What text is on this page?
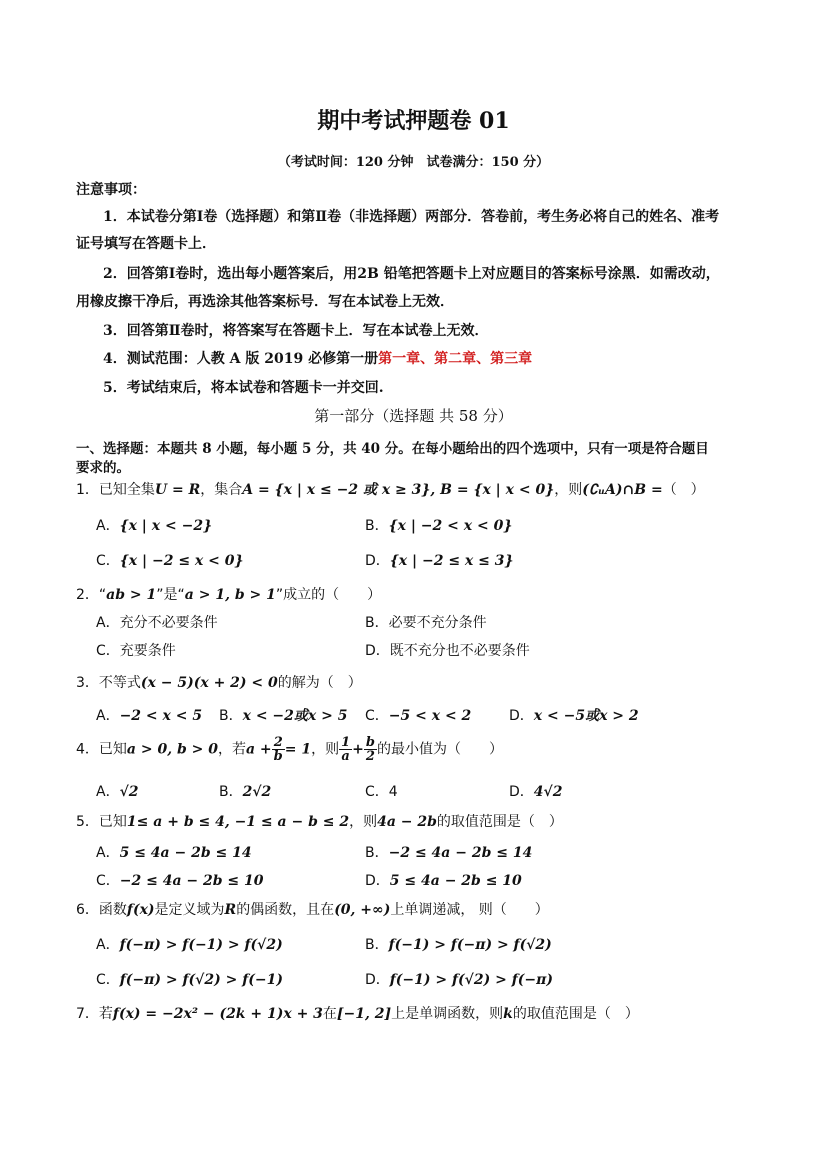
期中考试押题卷 01
（考试时间：120 分钟　试卷满分：150 分）
注意事项：
1．本试卷分第Ⅰ卷（选择题）和第Ⅱ卷（非选择题）两部分．答卷前，考生务必将自己的姓名、准考
证号填写在答题卡上．
2．回答第Ⅰ卷时，选出每小题答案后，用2B 铅笔把答题卡上对应题目的答案标号涂黑．如需改动，
用橡皮擦干净后，再选涂其他答案标号．写在本试卷上无效．
3．回答第Ⅱ卷时，将答案写在答题卡上．写在本试卷上无效．
4．测试范围：人教 A 版 2019 必修第一册第一章、第二章、第三章
5．考试结束后，将本试卷和答题卡一并交回.
第一部分（选择题 共 58 分）
一、选择题：本题共 8 小题，每小题 5 分，共 40 分。在每小题给出的四个选项中，只有一项是符合题目
要求的。
1．已知全集U = R，集合A = {x | x ≤ −2 或 x ≥ 3}, B = {x | x < 0}，则(∁ᵤA)∩B =（　）
A．{x | x < −2}	B．{x | −2 < x < 0}
C．{x | −2 ≤ x < 0}	D．{x | −2 ≤ x ≤ 3}
2．“ab > 1”是“a > 1, b > 1”成立的（　　）
A．充分不必要条件	B．必要不充分条件
C．充要条件	D．既不充分也不必要条件
3．不等式(x − 5)(x + 2) < 0的解为（　）
A．−2 < x < 5 B．x < −2或x > 5 C．−5 < x < 2	D．x < −5或x > 2
4．已知a > 0, b > 0，若$a + \frac{2}{b} = 1$，则 $\frac{1}{a} + \frac{b}{2}$ 的最小值为（　　）
A．√2	B．2√2	C．4	D．4√2
5．已知1≤ a + b ≤ 4, −1 ≤ a − b ≤ 2，则4a − 2b的取值范围是（　）
A．5 ≤ 4a − 2b ≤ 14	B．−2 ≤ 4a − 2b ≤ 14
C．−2 ≤ 4a − 2b ≤ 10	D．5 ≤ 4a − 2b ≤ 10
6．函数f(x)是定义域为R的偶函数，且在(0, +∞)上单调递减， 则（　　）
A．f(−π) > f(−1) > f(√2)	B．f(−1) > f(−π) > f(√2)
C．f(−π) > f(√2) > f(−1)	D．f(−1) > f(√2) > f(−π)
7．若f(x) = −2x² − (2k + 1)x + 3在[−1, 2]上是单调函数，则k的取值范围是（　）
